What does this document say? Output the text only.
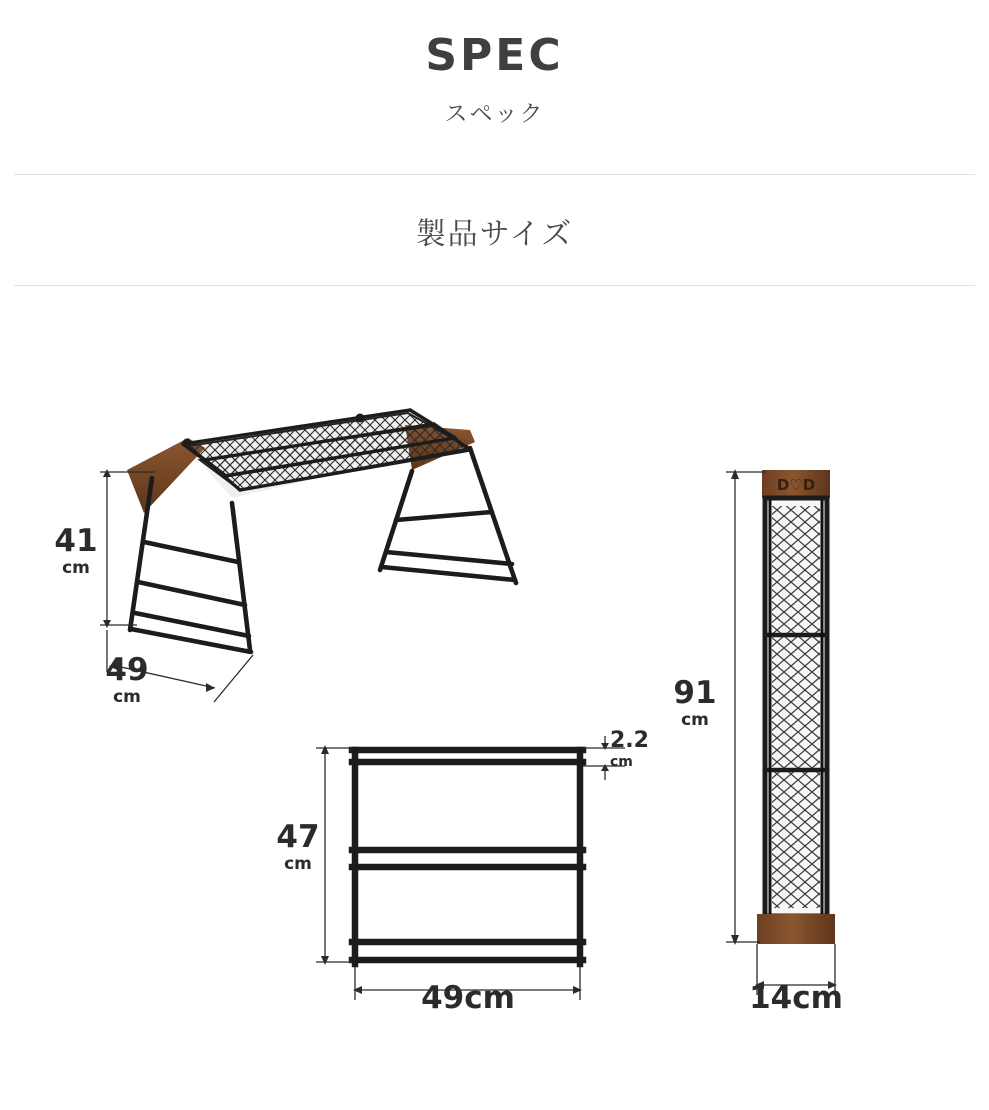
SPEC
スペック
製品サイズ
D♡D
41
cm
49
cm
2.2
cm
47
cm
49cm
91
cm
14cm
